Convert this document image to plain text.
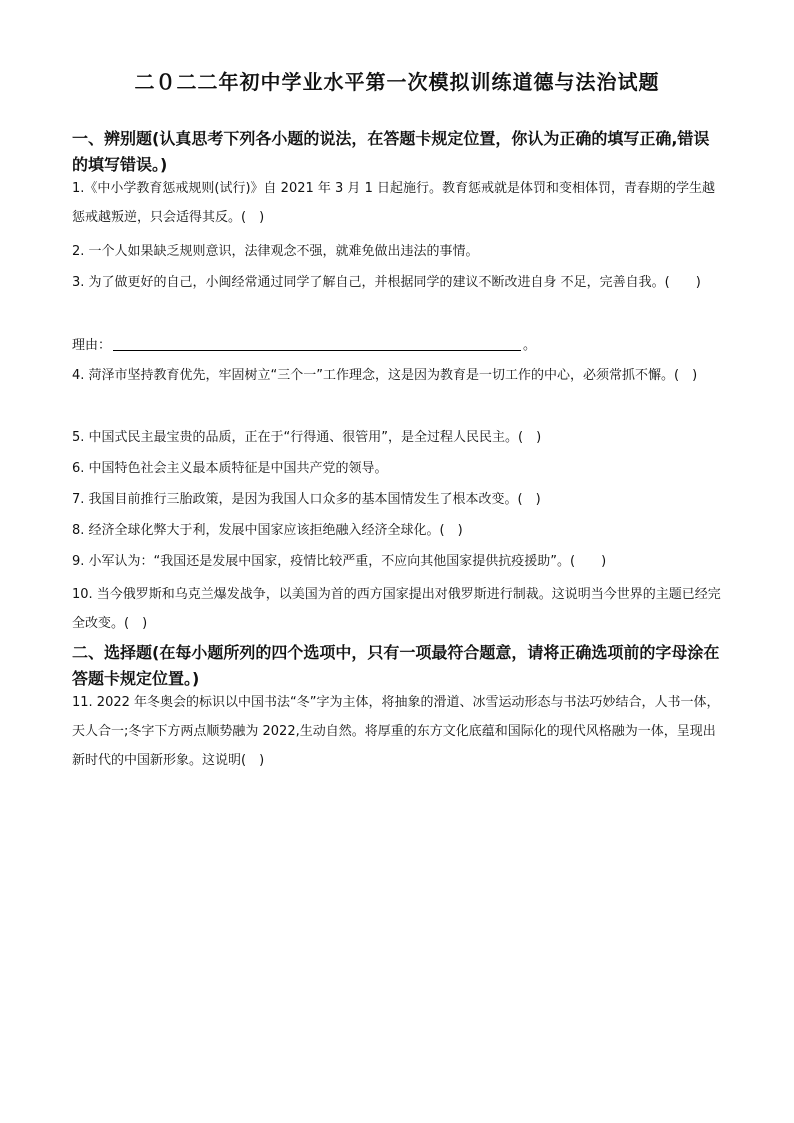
二０二二年初中学业水平第一次模拟训练道德与法治试题
一、辨别题(认真思考下列各小题的说法，在答题卡规定位置，你认为正确的填写正确,错误的填写错误。)
1.《中小学教育惩戒规则(试行)》自 2021 年 3 月 1 日起施行。教育惩戒就是体罚和变相体罚，青春期的学生越惩戒越叛逆，只会适得其反。(　)
2. 一个人如果缺乏规则意识，法律观念不强，就难免做出违法的事情。
3. 为了做更好的自己，小闽经常通过同学了解自己，并根据同学的建议不断改进自身 不足，完善自我。(　　)
理由：	。
4. 菏泽市坚持教育优先，牢固树立“三个一”工作理念，这是因为教育是一切工作的中心，必须常抓不懈。(　)
5. 中国式民主最宝贵的品质，正在于“行得通、很管用”，是全过程人民民主。(　)
6. 中国特色社会主义最本质特征是中国共产党的领导。
7. 我国目前推行三胎政策，是因为我国人口众多的基本国情发生了根本改变。(　)
8. 经济全球化弊大于利，发展中国家应该拒绝融入经济全球化。(　)
9. 小军认为：“我国还是发展中国家，疫情比较严重，不应向其他国家提供抗疫援助”。(　　)
10. 当今俄罗斯和乌克兰爆发战争，以美国为首的西方国家提出对俄罗斯进行制裁。这说明当今世界的主题已经完全改变。(　)
二、选择题(在每小题所列的四个选项中，只有一项最符合题意，请将正确选项前的字母涂在答题卡规定位置。)
11. 2022 年冬奥会的标识以中国书法“冬”字为主体，将抽象的滑道、冰雪运动形态与书法巧妙结合，人书一体，天人合一;冬字下方两点顺势融为 2022,生动自然。将厚重的东方文化底蕴和国际化的现代风格融为一体，呈现出新时代的中国新形象。这说明(　)
